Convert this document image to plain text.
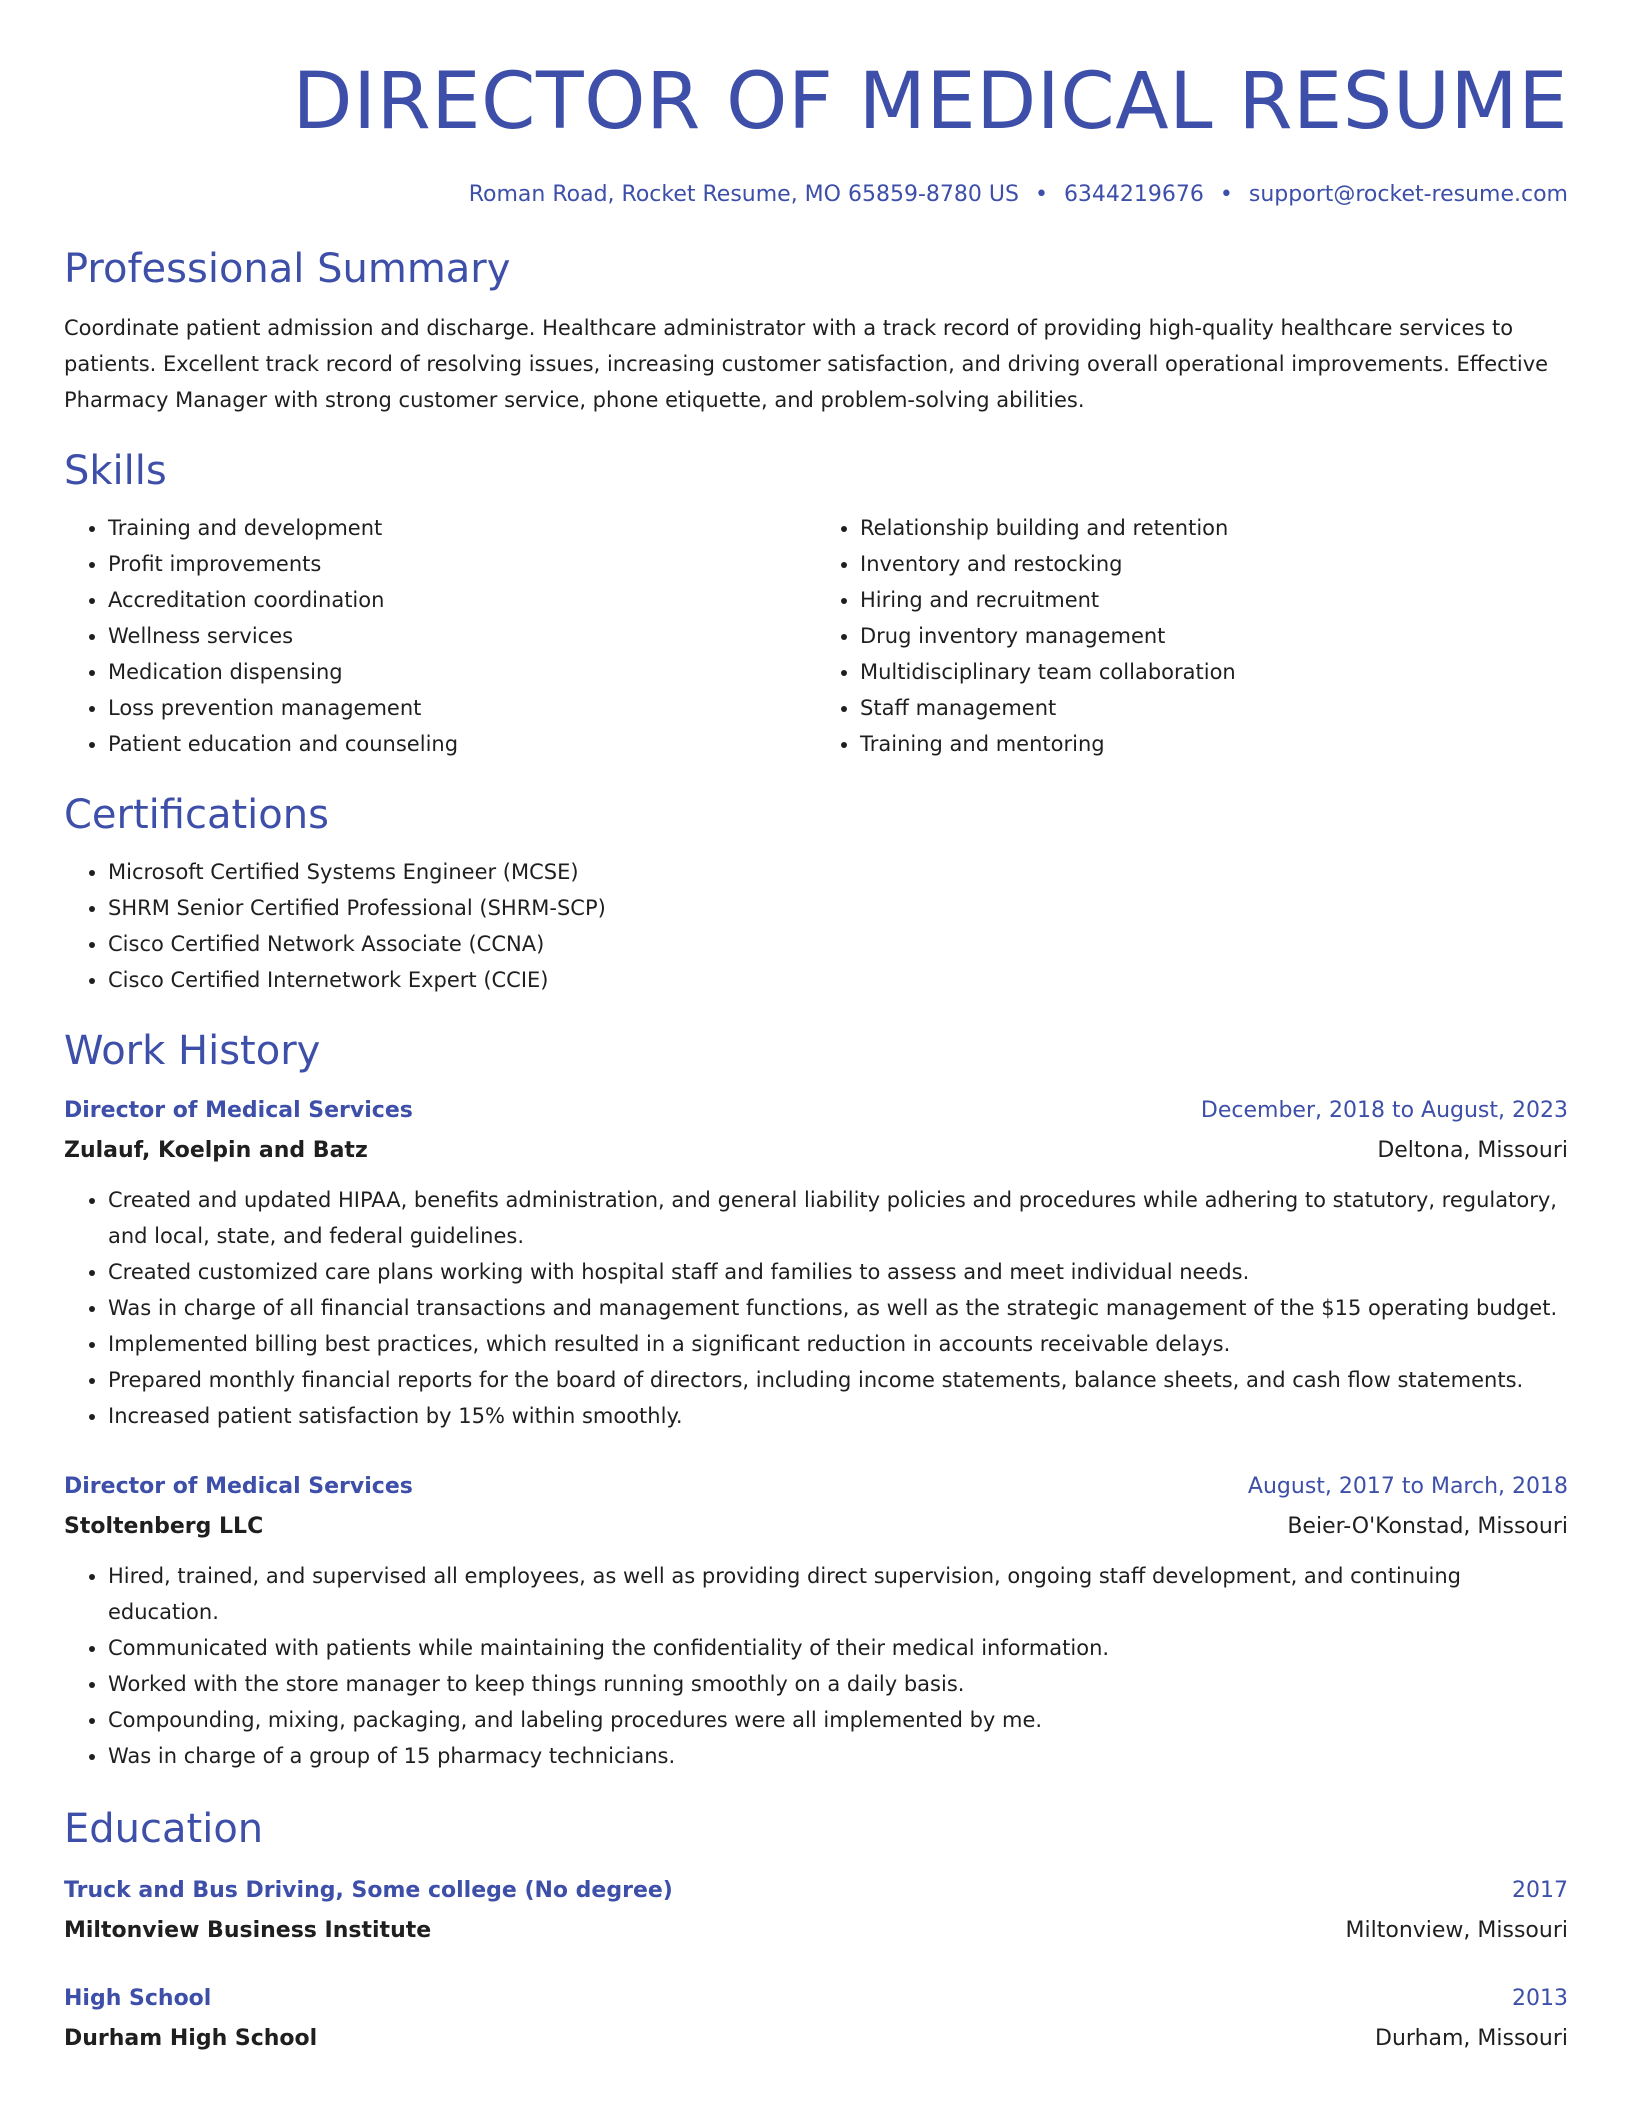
DIRECTOR OF MEDICAL RESUME
Roman Road, Rocket Resume, MO 65859-8780 US • 6344219676 • support@rocket-resume.com
Professional Summary

Coordinate patient admission and discharge. Healthcare administrator with a track record of providing high-quality healthcare services to patients. Excellent track record of resolving issues, increasing customer satisfaction, and driving overall operational improvements. Effective Pharmacy Manager with strong customer service, phone etiquette, and problem-solving abilities.

Skills
• Training and development
• Profit improvements
• Accreditation coordination
• Wellness services
• Medication dispensing
• Loss prevention management
• Patient education and counseling
• Relationship building and retention
• Inventory and restocking
• Hiring and recruitment
• Drug inventory management
• Multidisciplinary team collaboration
• Staff management
• Training and mentoring
Certifications
• Microsoft Certified Systems Engineer (MCSE)
• SHRM Senior Certified Professional (SHRM-SCP)
• Cisco Certified Network Associate (CCNA)
• Cisco Certified Internetwork Expert (CCIE)
Work History
Director of Medical Services	December, 2018 to August, 2023
Zulauf, Koelpin and Batz	Deltona, Missouri
• Created and updated HIPAA, benefits administration, and general liability policies and procedures while adhering to statutory, regulatory, and local, state, and federal guidelines.
• Created customized care plans working with hospital staff and families to assess and meet individual needs.
• Was in charge of all financial transactions and management functions, as well as the strategic management of the $15 operating budget.
• Implemented billing best practices, which resulted in a significant reduction in accounts receivable delays.
• Prepared monthly financial reports for the board of directors, including income statements, balance sheets, and cash flow statements.
• Increased patient satisfaction by 15% within smoothly.
Director of Medical Services	August, 2017 to March, 2018
Stoltenberg LLC	Beier-O'Konstad, Missouri
• Hired, trained, and supervised all employees, as well as providing direct supervision, ongoing staff development, and continuing education.
• Communicated with patients while maintaining the confidentiality of their medical information.
• Worked with the store manager to keep things running smoothly on a daily basis.
• Compounding, mixing, packaging, and labeling procedures were all implemented by me.
• Was in charge of a group of 15 pharmacy technicians.
Education
Truck and Bus Driving, Some college (No degree)	2017
Miltonview Business Institute	Miltonview, Missouri
High School	2013
Durham High School	Durham, Missouri
